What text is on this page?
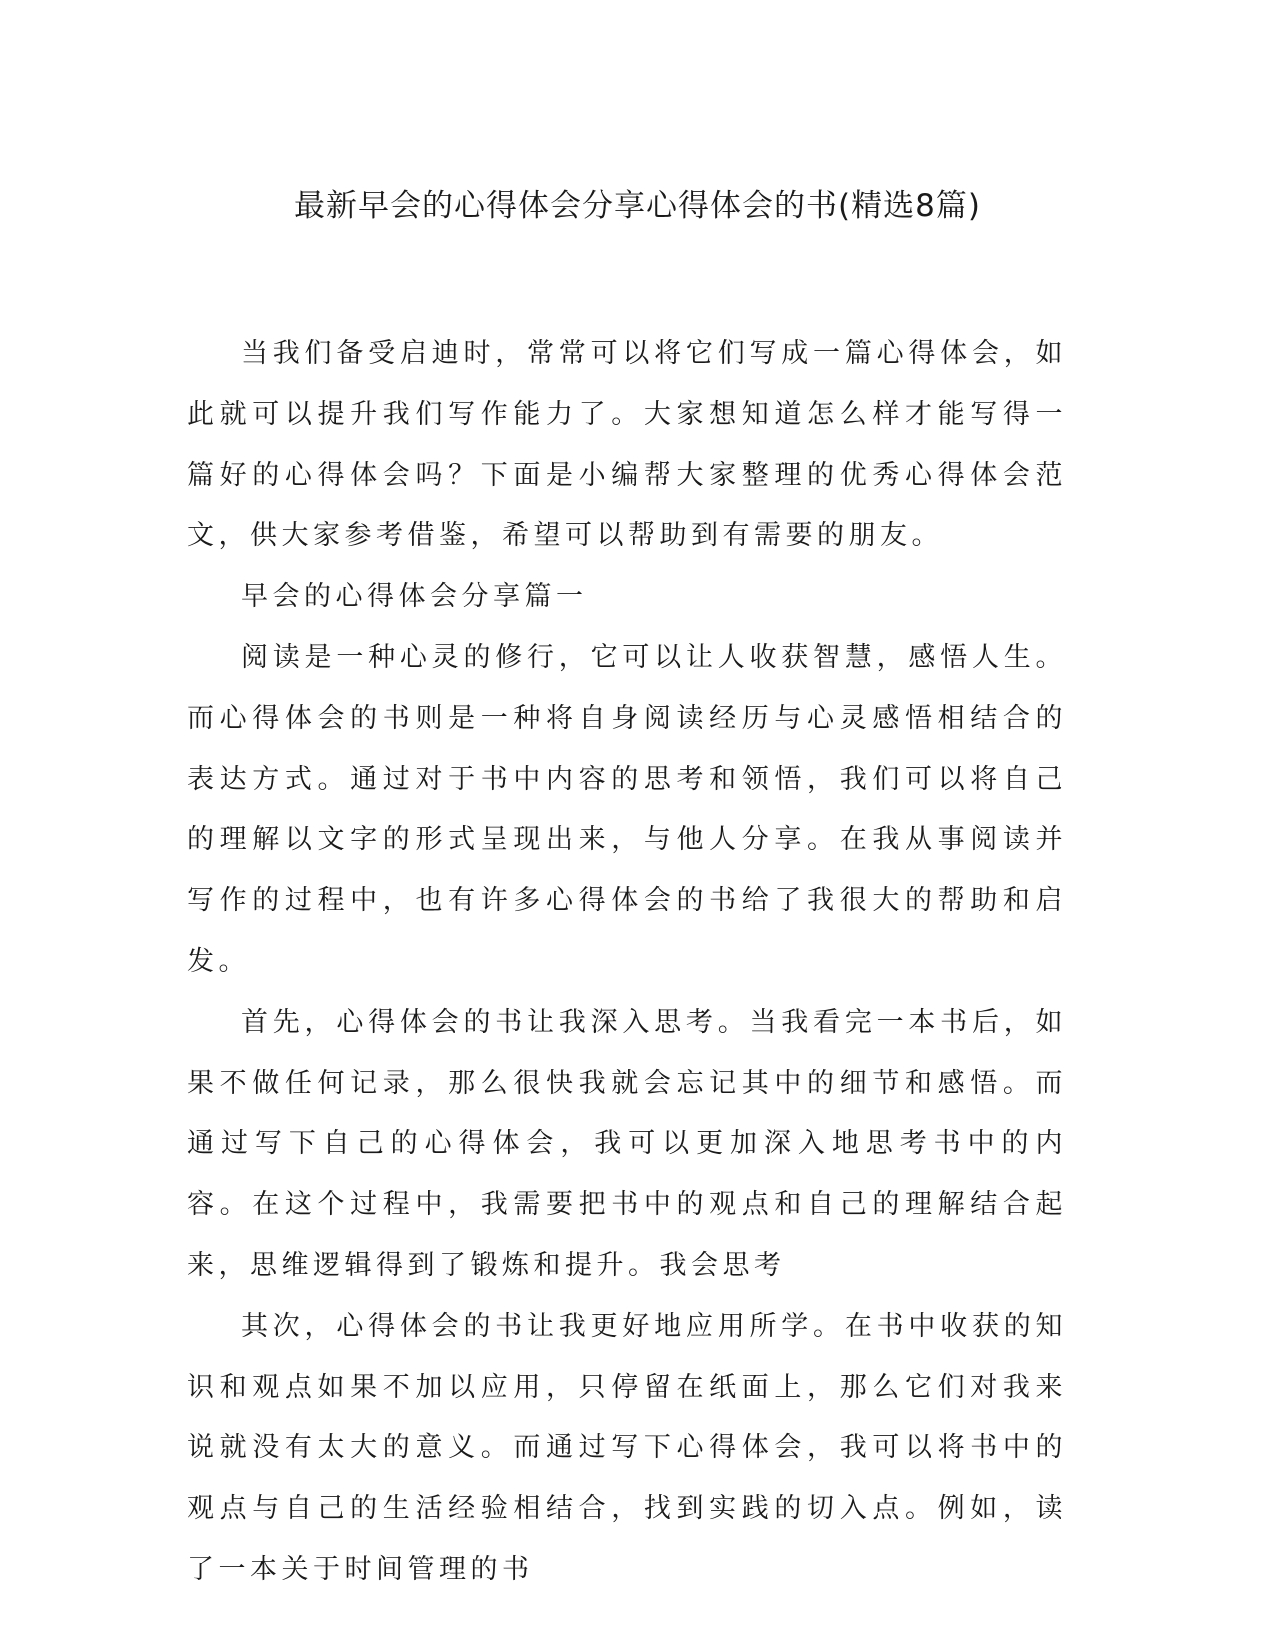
最新早会的心得体会分享心得体会的书(精选8篇)

当我们备受启迪时，常常可以将它们写成一篇心得体会，如此就可以提升我们写作能力了。大家想知道怎么样才能写得一篇好的心得体会吗？下面是小编帮大家整理的优秀心得体会范文，供大家参考借鉴，希望可以帮助到有需要的朋友。

早会的心得体会分享篇一

阅读是一种心灵的修行，它可以让人收获智慧，感悟人生。而心得体会的书则是一种将自身阅读经历与心灵感悟相结合的表达方式。通过对于书中内容的思考和领悟，我们可以将自己的理解以文字的形式呈现出来，与他人分享。在我从事阅读并写作的过程中，也有许多心得体会的书给了我很大的帮助和启发。

首先，心得体会的书让我深入思考。当我看完一本书后，如果不做任何记录，那么很快我就会忘记其中的细节和感悟。而通过写下自己的心得体会，我可以更加深入地思考书中的内容。在这个过程中，我需要把书中的观点和自己的理解结合起来，思维逻辑得到了锻炼和提升。我会思考

其次，心得体会的书让我更好地应用所学。在书中收获的知识和观点如果不加以应用，只停留在纸面上，那么它们对我来说就没有太大的意义。而通过写下心得体会，我可以将书中的观点与自己的生活经验相结合，找到实践的切入点。例如，读了一本关于时间管理的书
